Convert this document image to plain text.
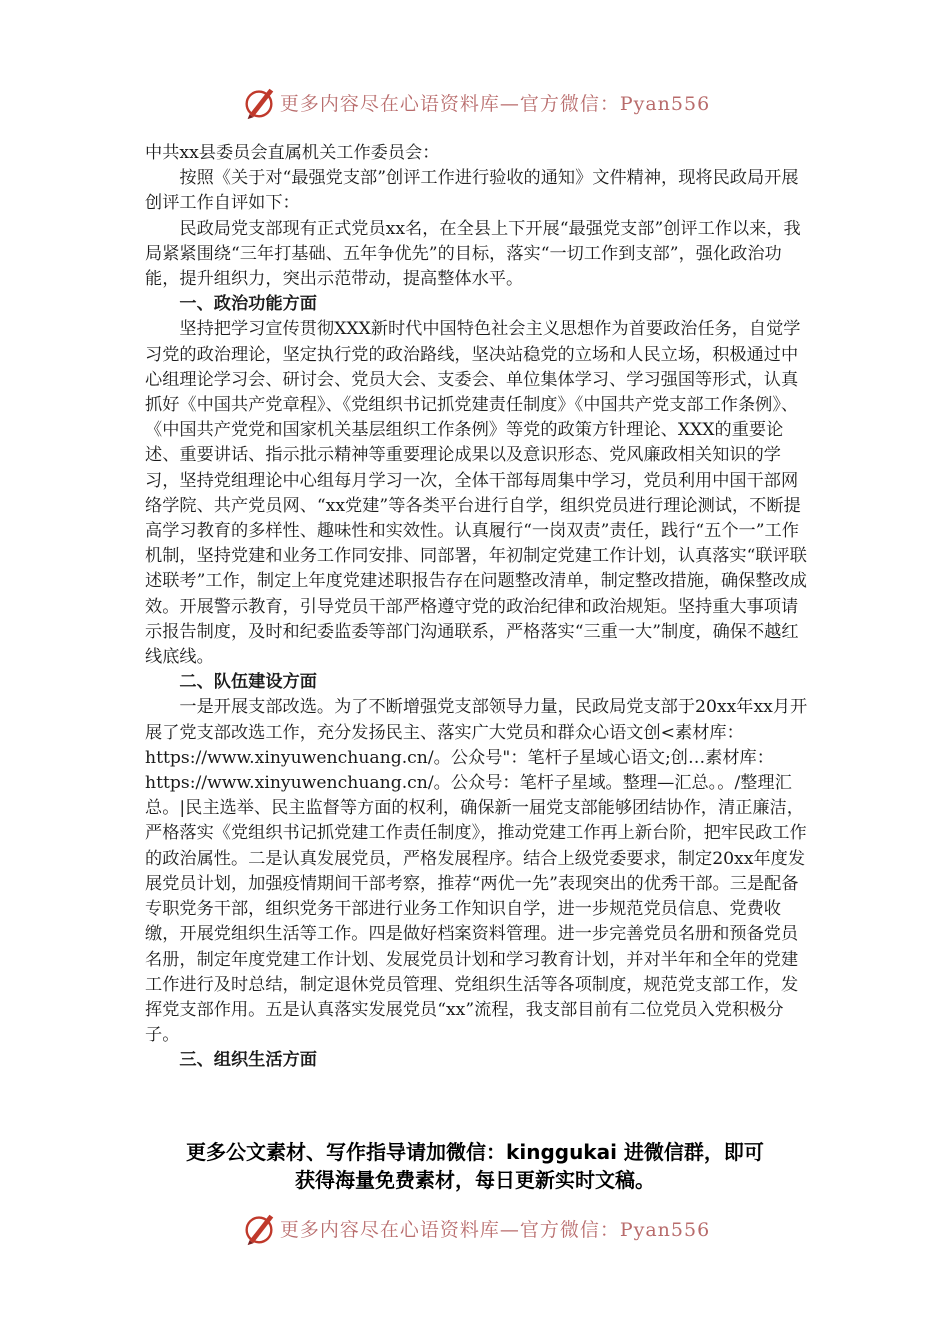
更多内容尽在心语资料库—官方微信：Pyan556

中共xx县委员会直属机关工作委员会：

按照《关于对“最强党支部”创评工作进行验收的通知》文件精神，现将民政局开展创评工作自评如下：

民政局党支部现有正式党员xx名，在全县上下开展“最强党支部”创评工作以来，我局紧紧围绕“三年打基础、五年争优先”的目标，落实“一切工作到支部”，强化政治功能，提升组织力，突出示范带动，提高整体水平。

一、政治功能方面

坚持把学习宣传贯彻XXX新时代中国特色社会主义思想作为首要政治任务，自觉学习党的政治理论，坚定执行党的政治路线，坚决站稳党的立场和人民立场，积极通过中心组理论学习会、研讨会、党员大会、支委会、单位集体学习、学习强国等形式，认真抓好《中国共产党章程》、《党组织书记抓党建责任制度》《中国共产党支部工作条例》、《中国共产党党和国家机关基层组织工作条例》等党的政策方针理论、XXX的重要论述、重要讲话、指示批示精神等重要理论成果以及意识形态、党风廉政相关知识的学习，坚持党组理论中心组每月学习一次，全体干部每周集中学习，党员利用中国干部网络学院、共产党员网、“xx党建”等各类平台进行自学，组织党员进行理论测试，不断提高学习教育的多样性、趣味性和实效性。认真履行“一岗双责”责任，践行“五个一”工作机制，坚持党建和业务工作同安排、同部署，年初制定党建工作计划，认真落实“联评联述联考”工作，制定上年度党建述职报告存在问题整改清单，制定整改措施，确保整改成效。开展警示教育，引导党员干部严格遵守党的政治纪律和政治规矩。坚持重大事项请示报告制度，及时和纪委监委等部门沟通联系，严格落实“三重一大”制度，确保不越红线底线。

二、队伍建设方面

一是开展支部改选。为了不断增强党支部领导力量，民政局党支部于20xx年xx月开展了党支部改选工作，充分发扬民主、落实广大党员和群众心语文创<素材库：https://www.xinyuwenchuang.cn/。公众号"：笔杆子星域心语文;创…素材库：https://www.xinyuwenchuang.cn/。公众号：笔杆子星域。整理—汇总。。/整理汇总。|民主选举、民主监督等方面的权利，确保新一届党支部能够团结协作，清正廉洁，严格落实《党组织书记抓党建工作责任制度》，推动党建工作再上新台阶，把牢民政工作的政治属性。二是认真发展党员，严格发展程序。结合上级党委要求，制定20xx年度发展党员计划，加强疫情期间干部考察，推荐“两优一先”表现突出的优秀干部。三是配备专职党务干部，组织党务干部进行业务工作知识自学，进一步规范党员信息、党费收缴，开展党组织生活等工作。四是做好档案资料管理。进一步完善党员名册和预备党员名册，制定年度党建工作计划、发展党员计划和学习教育计划，并对半年和全年的党建工作进行及时总结，制定退休党员管理、党组织生活等各项制度，规范党支部工作，发挥党支部作用。五是认真落实发展党员“xx”流程，我支部目前有二位党员入党积极分子。

三、组织生活方面

更多公文素材、写作指导请加微信：kinggukai 进微信群，即可
获得海量免费素材，每日更新实时文稿。
更多内容尽在心语资料库—官方微信：Pyan556
